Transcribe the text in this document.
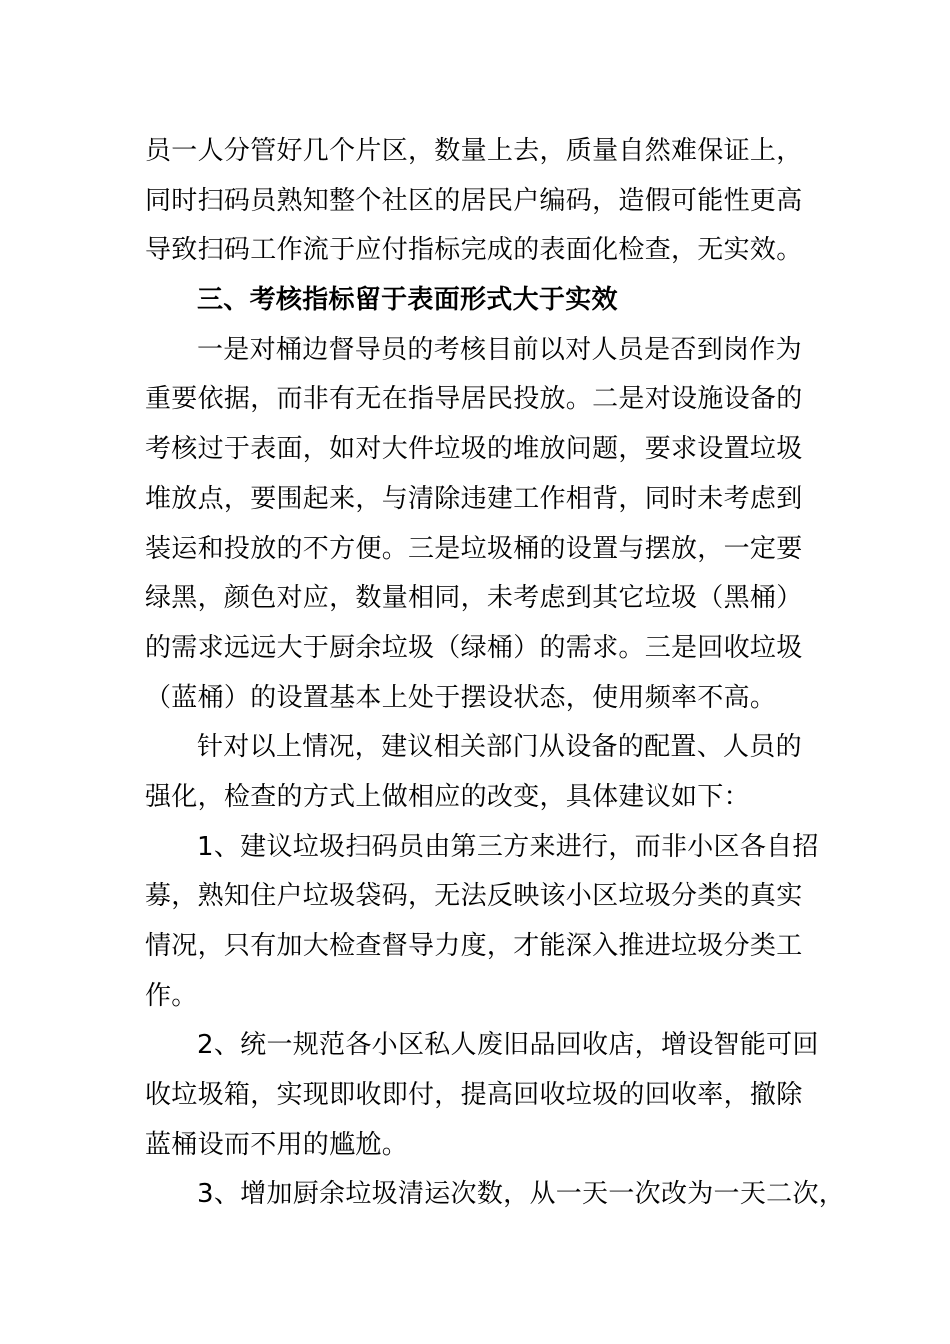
员一人分管好几个片区，数量上去，质量自然难保证上，
同时扫码员熟知整个社区的居民户编码，造假可能性更高
导致扫码工作流于应付指标完成的表面化检查，无实效。
三、考核指标留于表面形式大于实效
一是对桶边督导员的考核目前以对人员是否到岗作为
重要依据，而非有无在指导居民投放。二是对设施设备的
考核过于表面，如对大件垃圾的堆放问题，要求设置垃圾
堆放点，要围起来，与清除违建工作相背，同时未考虑到
装运和投放的不方便。三是垃圾桶的设置与摆放，一定要
绿黑，颜色对应，数量相同，未考虑到其它垃圾（黑桶）
的需求远远大于厨余垃圾（绿桶）的需求。三是回收垃圾
（蓝桶）的设置基本上处于摆设状态，使用频率不高。
针对以上情况，建议相关部门从设备的配置、人员的
强化，检查的方式上做相应的改变，具体建议如下：
1、建议垃圾扫码员由第三方来进行，而非小区各自招
募，熟知住户垃圾袋码，无法反映该小区垃圾分类的真实
情况，只有加大检查督导力度，才能深入推进垃圾分类工
作。
2、统一规范各小区私人废旧品回收店，增设智能可回
收垃圾箱，实现即收即付，提高回收垃圾的回收率，撤除
蓝桶设而不用的尴尬。
3、增加厨余垃圾清运次数，从一天一次改为一天二次，
